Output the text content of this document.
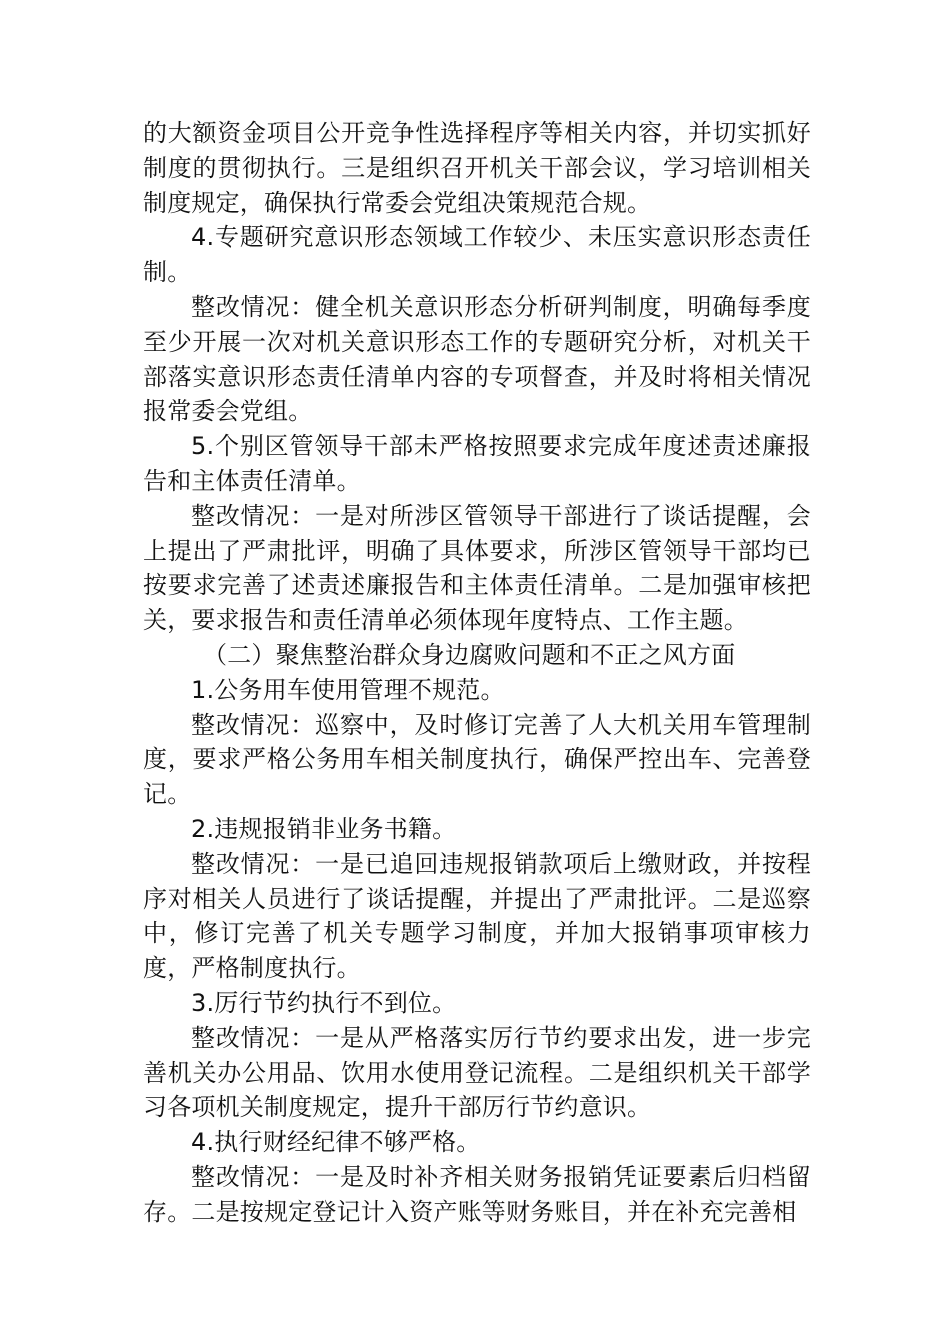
的大额资金项目公开竞争性选择程序等相关内容，并切实抓好制度的贯彻执行。三是组织召开机关干部会议，学习培训相关制度规定，确保执行常委会党组决策规范合规。

4.专题研究意识形态领域工作较少、未压实意识形态责任制。

整改情况：健全机关意识形态分析研判制度，明确每季度至少开展一次对机关意识形态工作的专题研究分析，对机关干部落实意识形态责任清单内容的专项督查，并及时将相关情况报常委会党组。

5.个别区管领导干部未严格按照要求完成年度述责述廉报告和主体责任清单。

整改情况：一是对所涉区管领导干部进行了谈话提醒，会上提出了严肃批评，明确了具体要求，所涉区管领导干部均已按要求完善了述责述廉报告和主体责任清单。二是加强审核把关，要求报告和责任清单必须体现年度特点、工作主题。

（二）聚焦整治群众身边腐败问题和不正之风方面

1.公务用车使用管理不规范。

整改情况：巡察中，及时修订完善了人大机关用车管理制度，要求严格公务用车相关制度执行，确保严控出车、完善登记。

2.违规报销非业务书籍。

整改情况：一是已追回违规报销款项后上缴财政，并按程序对相关人员进行了谈话提醒，并提出了严肃批评。二是巡察中，修订完善了机关专题学习制度，并加大报销事项审核力度，严格制度执行。

3.厉行节约执行不到位。

整改情况：一是从严格落实厉行节约要求出发，进一步完善机关办公用品、饮用水使用登记流程。二是组织机关干部学习各项机关制度规定，提升干部厉行节约意识。

4.执行财经纪律不够严格。

整改情况：一是及时补齐相关财务报销凭证要素后归档留存。二是按规定登记计入资产账等财务账目，并在补充完善相
